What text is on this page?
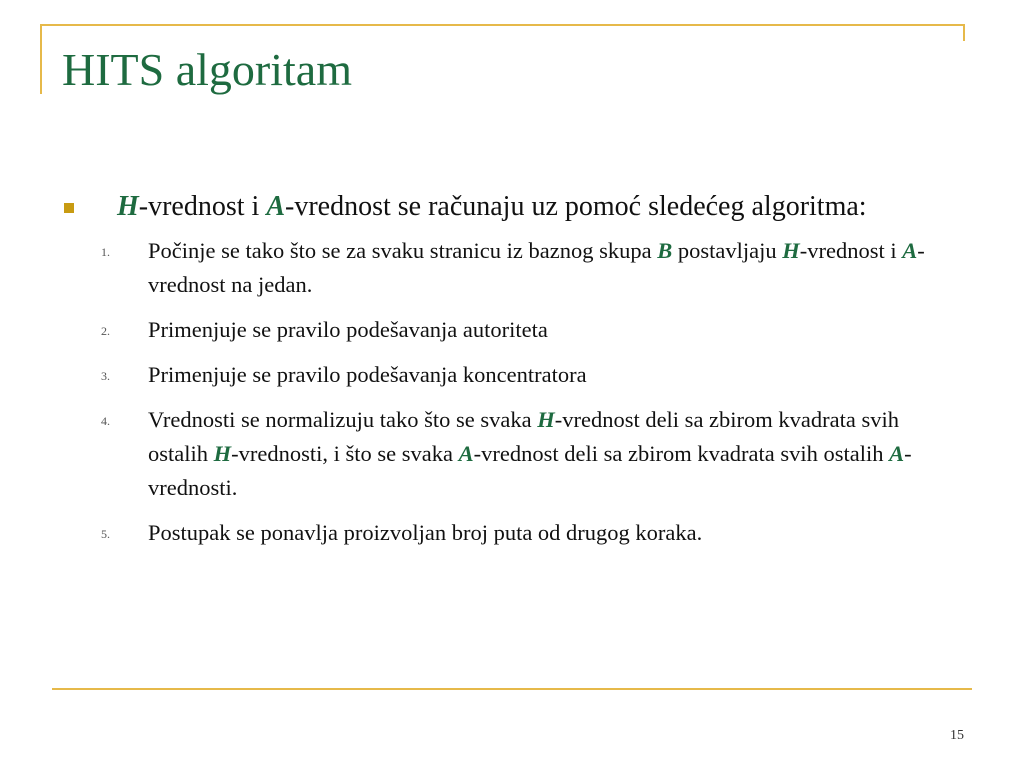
HITS algoritam
H-vrednost i A-vrednost se računaju uz pomoć sledećeg algoritma:
1. Počinje se tako što se za svaku stranicu iz baznog skupa B postavljaju H-vrednost i A-vrednost na jedan.
2. Primenjuje se pravilo podešavanja autoriteta
3. Primenjuje se pravilo podešavanja koncentratora
4. Vrednosti se normalizuju tako što se svaka H-vrednost deli sa zbirom kvadrata svih ostalih H-vrednosti, i što se svaka A-vrednost deli sa zbirom kvadrata svih ostalih A-vrednosti.
5. Postupak se ponavlja proizvoljan broj puta od drugog koraka.
15
